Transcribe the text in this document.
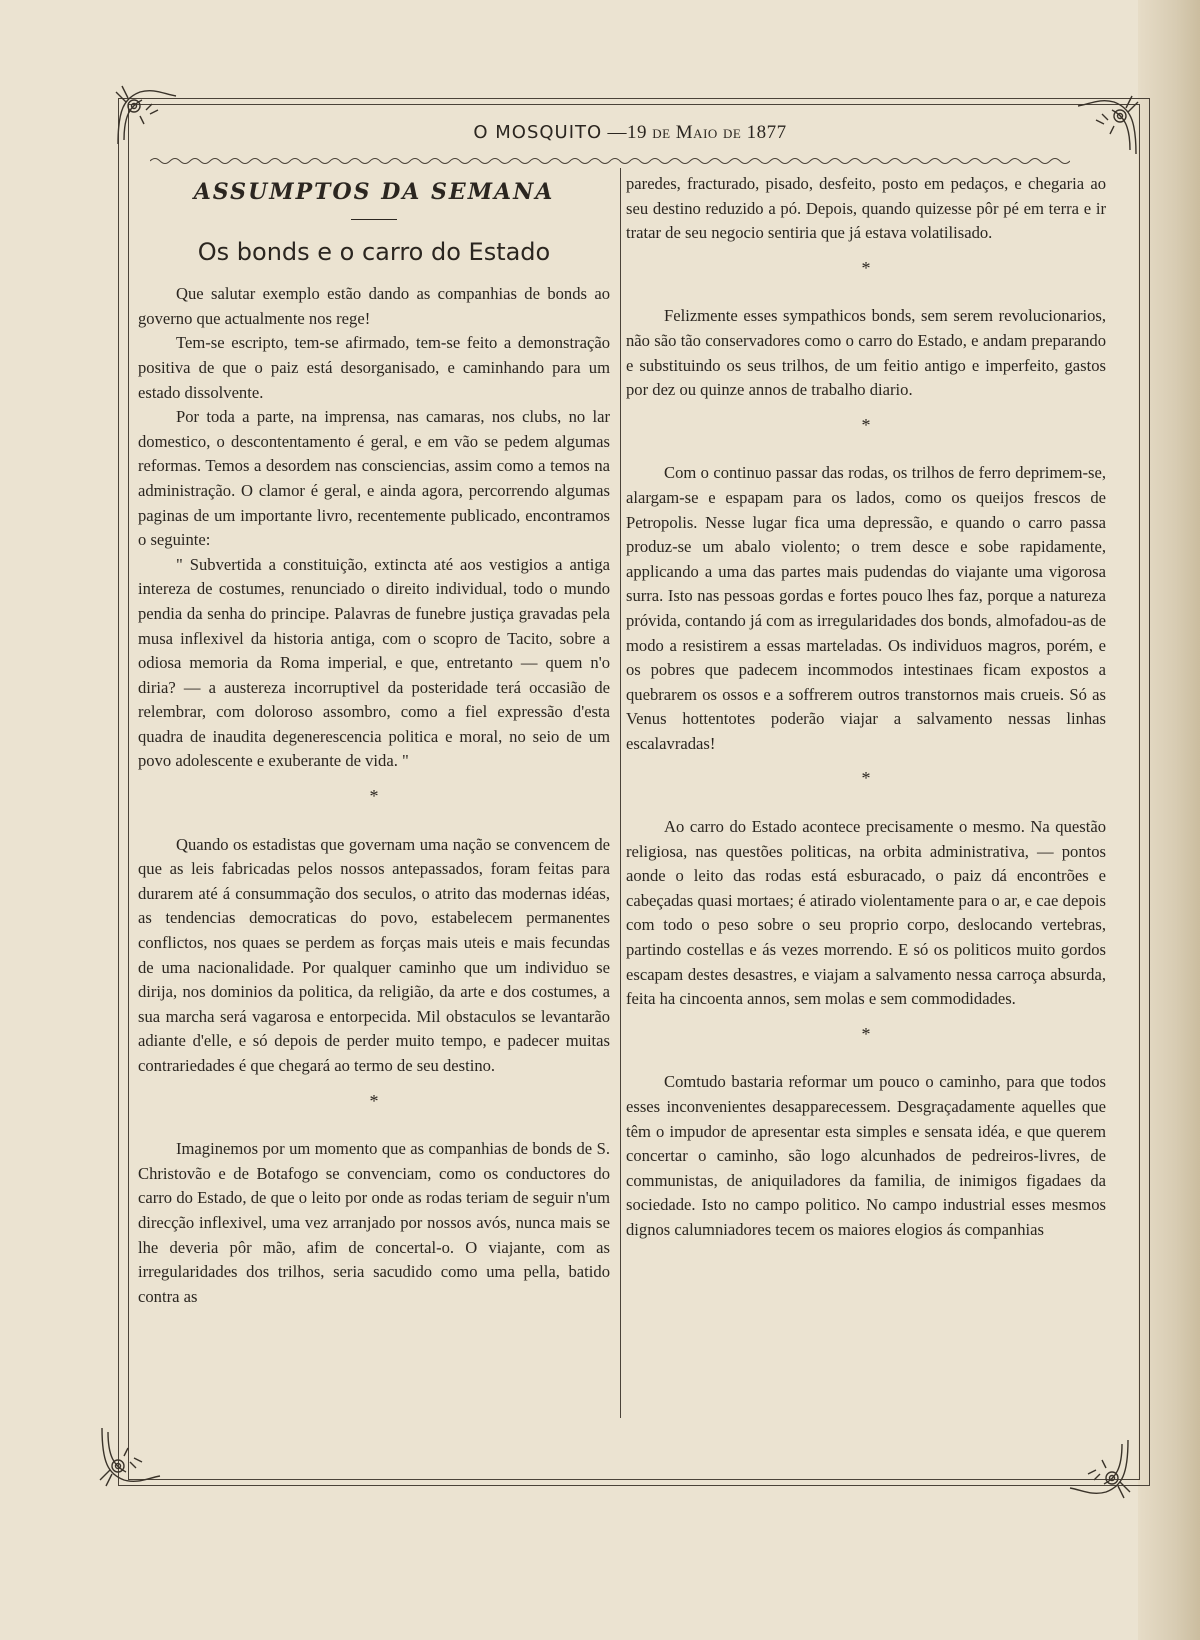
O MOSQUITO —19 de Maio de 1877
ASSUMPTOS DA SEMANA
Os bonds e o carro do Estado

Que salutar exemplo estão dando as companhias de bonds ao governo que actualmente nos rege!

Tem-se escripto, tem-se afirmado, tem-se feito a demonstração positiva de que o paiz está desorganisado, e caminhando para um estado dissolvente.

Por toda a parte, na imprensa, nas camaras, nos clubs, no lar domestico, o descontentamento é geral, e em vão se pedem algumas reformas. Temos a desordem nas consciencias, assim como a temos na administração. O clamor é geral, e ainda agora, percorrendo algumas paginas de um importante livro, recentemente publicado, encontramos o seguinte:

" Subvertida a constituição, extincta até aos vestigios a antiga intereza de costumes, renunciado o direito individual, todo o mundo pendia da senha do principe. Palavras de funebre justiça gravadas pela musa inflexivel da historia antiga, com o scopro de Tacito, sobre a odiosa memoria da Roma imperial, e que, entretanto — quem n'o diria? — a austereza incorruptivel da posteridade terá occasião de relembrar, com doloroso assombro, como a fiel expressão d'esta quadra de inaudita degenerescencia politica e moral, no seio de um povo adolescente e exuberante de vida. "

*

Quando os estadistas que governam uma nação se convencem de que as leis fabricadas pelos nossos antepassados, foram feitas para durarem até á consummação dos seculos, o atrito das modernas idéas, as tendencias democraticas do povo, estabelecem permanentes conflictos, nos quaes se perdem as forças mais uteis e mais fecundas de uma nacionalidade. Por qualquer caminho que um individuo se dirija, nos dominios da politica, da religião, da arte e dos costumes, a sua marcha será vagarosa e entorpecida. Mil obstaculos se levantarão adiante d'elle, e só depois de perder muito tempo, e padecer muitas contrariedades é que chegará ao termo de seu destino.

*

Imaginemos por um momento que as companhias de bonds de S. Christovão e de Botafogo se convenciam, como os conductores do carro do Estado, de que o leito por onde as rodas teriam de seguir n'um direcção inflexivel, uma vez arranjado por nossos avós, nunca mais se lhe deveria pôr mão, afim de concertal-o. O viajante, com as irregularidades dos trilhos, seria sacudido como uma pella, batido contra as

paredes, fracturado, pisado, desfeito, posto em pedaços, e chegaria ao seu destino reduzido a pó. Depois, quando quizesse pôr pé em terra e ir tratar de seu negocio sentiria que já estava volatilisado.

*

Felizmente esses sympathicos bonds, sem serem revolucionarios, não são tão conservadores como o carro do Estado, e andam preparando e substituindo os seus trilhos, de um feitio antigo e imperfeito, gastos por dez ou quinze annos de trabalho diario.

*

Com o continuo passar das rodas, os trilhos de ferro deprimem-se, alargam-se e espapam para os lados, como os queijos frescos de Petropolis. Nesse lugar fica uma depressão, e quando o carro passa produz-se um abalo violento; o trem desce e sobe rapidamente, applicando a uma das partes mais pudendas do viajante uma vigorosa surra. Isto nas pessoas gordas e fortes pouco lhes faz, porque a natureza próvida, contando já com as irregularidades dos bonds, almofadou-as de modo a resistirem a essas marteladas. Os individuos magros, porém, e os pobres que padecem incommodos intestinaes ficam expostos a quebrarem os ossos e a soffrerem outros transtornos mais crueis. Só as Venus hottentotes poderão viajar a salvamento nessas linhas escalavradas!

*

Ao carro do Estado acontece precisamente o mesmo. Na questão religiosa, nas questões politicas, na orbita administrativa, — pontos aonde o leito das rodas está esburacado, o paiz dá encontrões e cabeçadas quasi mortaes; é atirado violentamente para o ar, e cae depois com todo o peso sobre o seu proprio corpo, deslocando vertebras, partindo costellas e ás vezes morrendo. E só os politicos muito gordos escapam destes desastres, e viajam a salvamento nessa carroça absurda, feita ha cincoenta annos, sem molas e sem commodidades.

*

Comtudo bastaria reformar um pouco o caminho, para que todos esses inconvenientes desapparecessem. Desgraçadamente aquelles que têm o impudor de apresentar esta simples e sensata idéa, e que querem concertar o caminho, são logo alcunhados de pedreiros-livres, de communistas, de aniquiladores da familia, de inimigos figadaes da sociedade. Isto no campo politico. No campo industrial esses mesmos dignos calumniadores tecem os maiores elogios ás companhias
